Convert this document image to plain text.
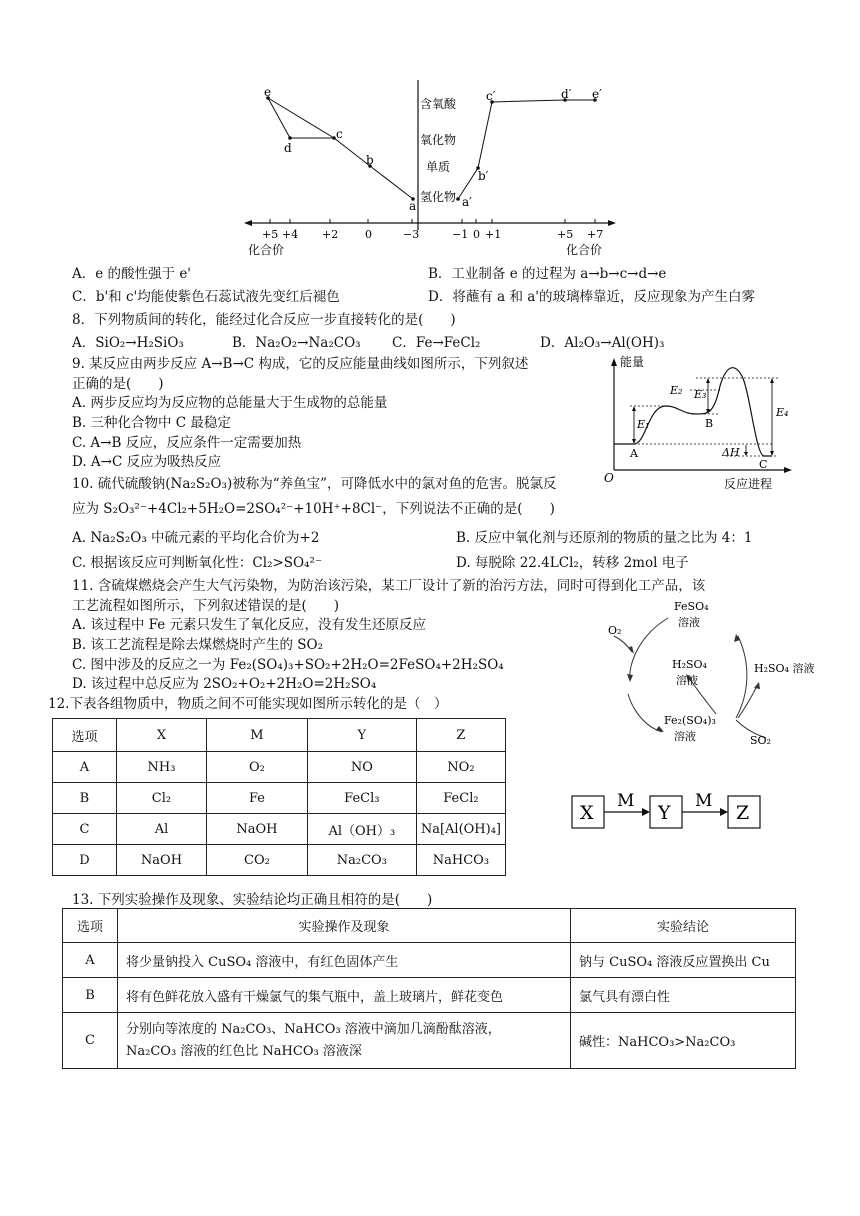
e
d
c
b
a
c′	d′ e′
b′
a′
含氧酸
氧化物
单质
氢化物
+5 +4 +2 0	−3	−1 0 +1	+5 +7
化合价	化合价
A．e 的酸性强于 e'	B．工业制备 e 的过程为 a→b→c→d→e
C．b'和 c'均能使紫色石蕊试液先变红后褪色	D．将蘸有 a 和 a'的玻璃棒靠近，反应现象为产生白雾
8．下列物质间的转化，能经过化合反应一步直接转化的是(　　)
A．SiO₂→H₂SiO₃	B．Na₂O₂→Na₂CO₃ C．Fe→FeCl₂	D．Al₂O₃→Al(OH)₃
9. 某反应由两步反应 A→B→C 构成，它的反应能量曲线如图所示，下列叙述
正确的是(　　)
A. 两步反应均为反应物的总能量大于生成物的总能量
B. 三种化合物中 C 最稳定
C. A→B 反应，反应条件一定需要加热
D. A→C 反应为吸热反应
能量
反应进程
O
E₁
E₂ E₃
E₄
ΔH
A
B
C
10. 硫代硫酸钠(Na₂S₂O₃)被称为“养鱼宝”，可降低水中的氯对鱼的危害。脱氯反
应为 S₂O₃²⁻+4Cl₂+5H₂O=2SO₄²⁻+10H⁺+8Cl⁻，下列说法不正确的是(　　)
A. Na₂S₂O₃ 中硫元素的平均化合价为+2	B. 反应中氧化剂与还原剂的物质的量之比为 4：1
C. 根据该反应可判断氧化性：Cl₂>SO₄²⁻	D. 每脱除 22.4LCl₂，转移 2mol 电子
11. 含硫煤燃烧会产生大气污染物，为防治该污染，某工厂设计了新的治污方法，同时可得到化工产品，该
工艺流程如图所示，下列叙述错误的是(　　)
A. 该过程中 Fe 元素只发生了氧化反应，没有发生还原反应
B. 该工艺流程是除去煤燃烧时产生的 SO₂
C. 图中涉及的反应之一为 Fe₂(SO₄)₃+SO₂+2H₂O=2FeSO₄+2H₂SO₄
D. 该过程中总反应为 2SO₂+O₂+2H₂O=2H₂SO₄
FeSO₄
溶液
O₂
H₂SO₄
溶液
H₂SO₄ 溶液
Fe₂(SO₄)₃
溶液	SO₂
12.下表各组物质中，物质之间不可能实现如图所示转化的是（　）
选项	X	M	Y	Z
A	NH₃	O₂	NO	NO₂
B	Cl₂	Fe	FeCl₃	FeCl₂
C	Al	NaOH	Al（OH）₃	Na[Al(OH)₄]
D	NaOH	CO₂	Na₂CO₃	NaHCO₃
X
M
Y
M
Z
13. 下列实验操作及现象、实验结论均正确且相符的是(　　)
选项	实验操作及现象	实验结论
A	将少量钠投入 CuSO₄ 溶液中，有红色固体产生	钠与 CuSO₄ 溶液反应置换出 Cu
B	将有色鲜花放入盛有干燥氯气的集气瓶中，盖上玻璃片，鲜花变色	氯气具有漂白性
C	分别向等浓度的 Na₂CO₃、NaHCO₃ 溶液中滴加几滴酚酞溶液，
Na₂CO₃ 溶液的红色比 NaHCO₃ 溶液深	碱性：NaHCO₃>Na₂CO₃
